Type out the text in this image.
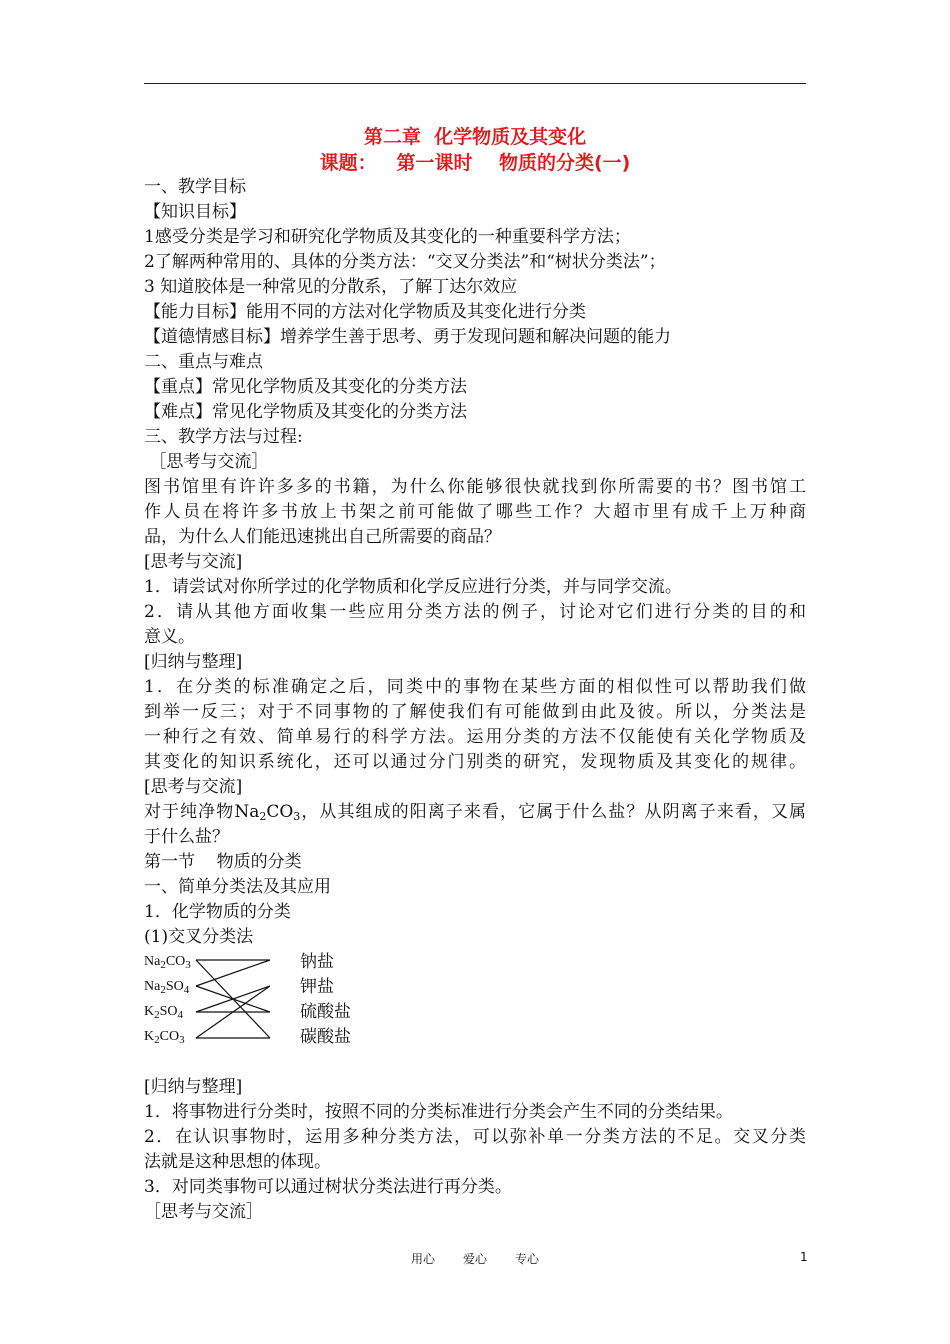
第二章  化学物质及其变化
课题：   第一课时    物质的分类(一)
一、教学目标
【知识目标】
1感受分类是学习和研究化学物质及其变化的一种重要科学方法；
2了解两种常用的、具体的分类方法：“交叉分类法”和“树状分类法”；
3 知道胶体是一种常见的分散系，了解丁达尔效应
【能力目标】能用不同的方法对化学物质及其变化进行分类
【道德情感目标】增养学生善于思考、勇于发现问题和解决问题的能力
二、重点与难点
【重点】常见化学物质及其变化的分类方法
【难点】常见化学物质及其变化的分类方法
三、教学方法与过程:
［思考与交流］
图书馆里有许许多多的书籍，为什么你能够很快就找到你所需要的书？图书馆工
作人员在将许多书放上书架之前可能做了哪些工作？大超市里有成千上万种商
品，为什么人们能迅速挑出自己所需要的商品？
[思考与交流]
1．请尝试对你所学过的化学物质和化学反应进行分类，并与同学交流。
2．请从其他方面收集一些应用分类方法的例子，讨论对它们进行分类的目的和
意义。
[归纳与整理]
1．在分类的标准确定之后，同类中的事物在某些方面的相似性可以帮助我们做
到举一反三；对于不同事物的了解使我们有可能做到由此及彼。所以，分类法是
一种行之有效、简单易行的科学方法。运用分类的方法不仅能使有关化学物质及
其变化的知识系统化，还可以通过分门别类的研究，发现物质及其变化的规律。
[思考与交流]
对于纯净物$Na_2CO_3$，从其组成的阳离子来看，它属于什么盐？从阴离子来看，又属
于什么盐？
第一节    物质的分类
一、简单分类法及其应用
1．化学物质的分类
(1)交叉分类法
$Na_2CO_3$
$Na_2SO_4$
$K_2SO_4$
$K_2CO_3$
钠盐
钾盐
硫酸盐
碳酸盐
[归纳与整理]
1．将事物进行分类时，按照不同的分类标准进行分类会产生不同的分类结果。
2．在认识事物时，运用多种分类方法，可以弥补单一分类方法的不足。交叉分类
法就是这种思想的体现。
3．对同类事物可以通过树状分类法进行再分类。
［思考与交流］
用心 爱心 专心	1
